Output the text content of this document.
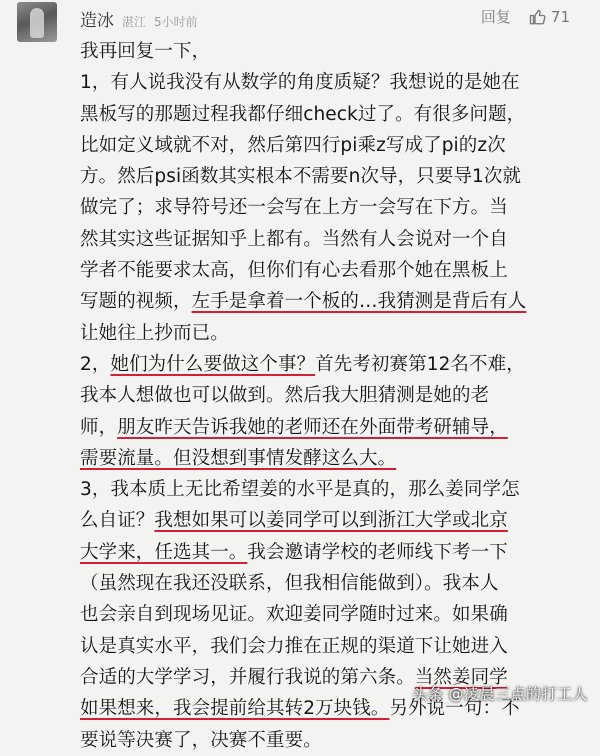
造冰 湛江 5小时前	回复	71
我再回复一下，
1，有人说我没有从数学的角度质疑？我想说的是她在
黑板写的那题过程我都仔细check过了。有很多问题，
比如定义域就不对，然后第四行pi乘z写成了pi的z次
方。然后psi函数其实根本不需要n次导，只要导1次就
做完了；求导符号还一会写在上方一会写在下方。当
然其实这些证据知乎上都有。当然有人会说对一个自
学者不能要求太高，但你们有心去看那个她在黑板上
写题的视频，左手是拿着一个板的…我猜测是背后有人
让她往上抄而已。
2，她们为什么要做这个事？首先考初赛第12名不难，
我本人想做也可以做到。然后我大胆猜测是她的老
师，朋友昨天告诉我她的老师还在外面带考研辅导，
需要流量。但没想到事情发酵这么大。
3，我本质上无比希望姜的水平是真的，那么姜同学怎
么自证？我想如果可以姜同学可以到浙江大学或北京
大学来，任选其一。我会邀请学校的老师线下考一下
（虽然现在我还没联系，但我相信能做到）。我本人
也会亲自到现场见证。欢迎姜同学随时过来。如果确
认是真实水平，我们会力推在正规的渠道下让她进入
合适的大学学习，并履行我说的第六条。当然姜同学
如果想来，我会提前给其转2万块钱。另外说一句：不
要说等决赛了，决赛不重要。
头条 @凌晨三点的打工人
